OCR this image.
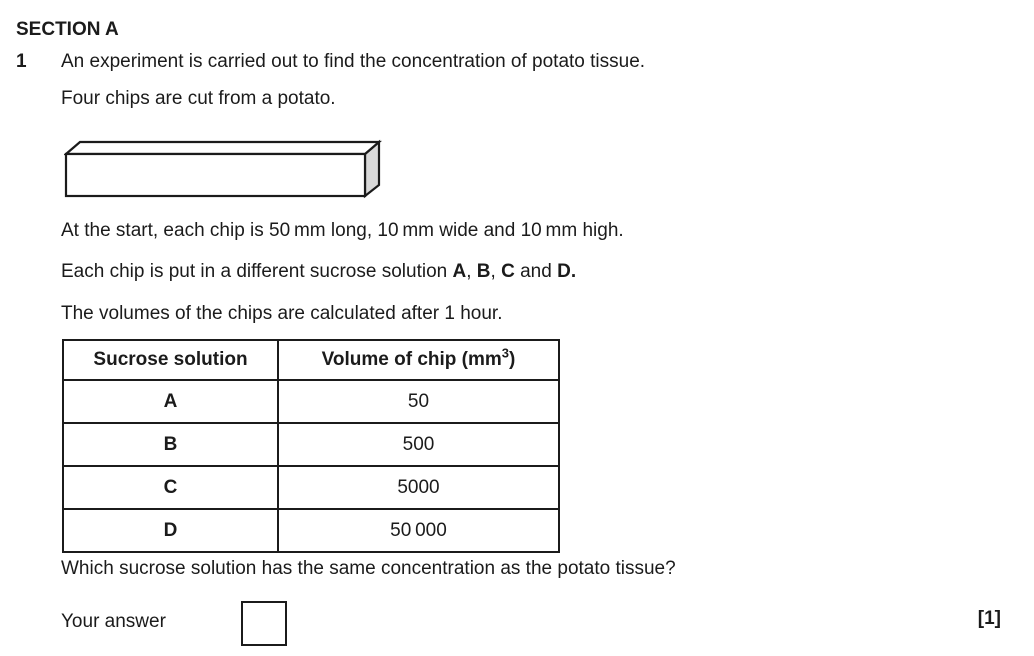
SECTION A
1 An experiment is carried out to find the concentration of potato tissue.
Four chips are cut from a potato.
At the start, each chip is 50 mm long, 10 mm wide and 10 mm high.
Each chip is put in a different sucrose solution A, B, C and D.
The volumes of the chips are calculated after 1 hour.
Sucrose solution	Volume of chip $(mm^3)$
A	50
B	500
C	5000
D	50 000
Which sucrose solution has the same concentration as the potato tissue?
Your answer	[1]
